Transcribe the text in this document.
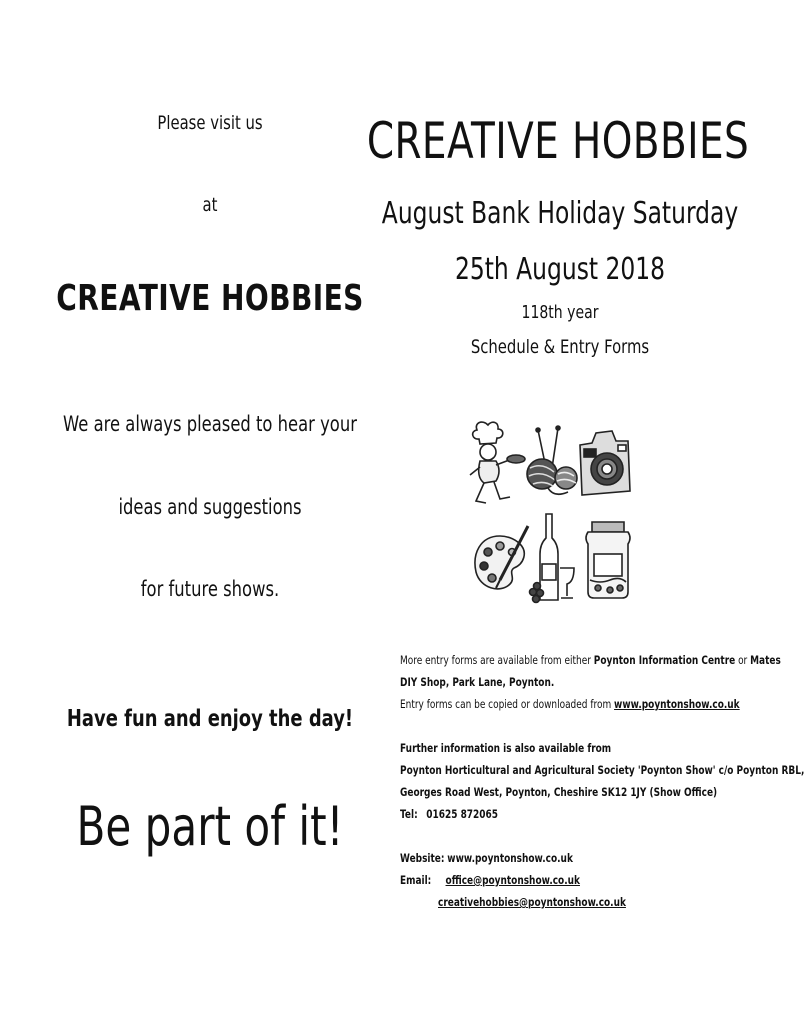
Please visit us
at
CREATIVE HOBBIES
We are always pleased to hear your
ideas and suggestions
for future shows.
Have fun and enjoy the day!
Be part of it!
CREATIVE HOBBIES
August Bank Holiday Saturday
25th August 2018
118th year
Schedule & Entry Forms
More entry forms are available from either Poynton Information Centre or Mates
DIY Shop, Park Lane, Poynton.
Entry forms can be copied or downloaded from www.poyntonshow.co.uk
Further information is also available from
Poynton Horticultural and Agricultural Society 'Poynton Show' c/o Poynton RBL,
Georges Road West, Poynton, Cheshire SK12 1JY (Show Office)
Tel: 01625 872065
Website: www.poyntonshow.co.uk
Email: office@poyntonshow.co.uk
creativehobbies@poyntonshow.co.uk
